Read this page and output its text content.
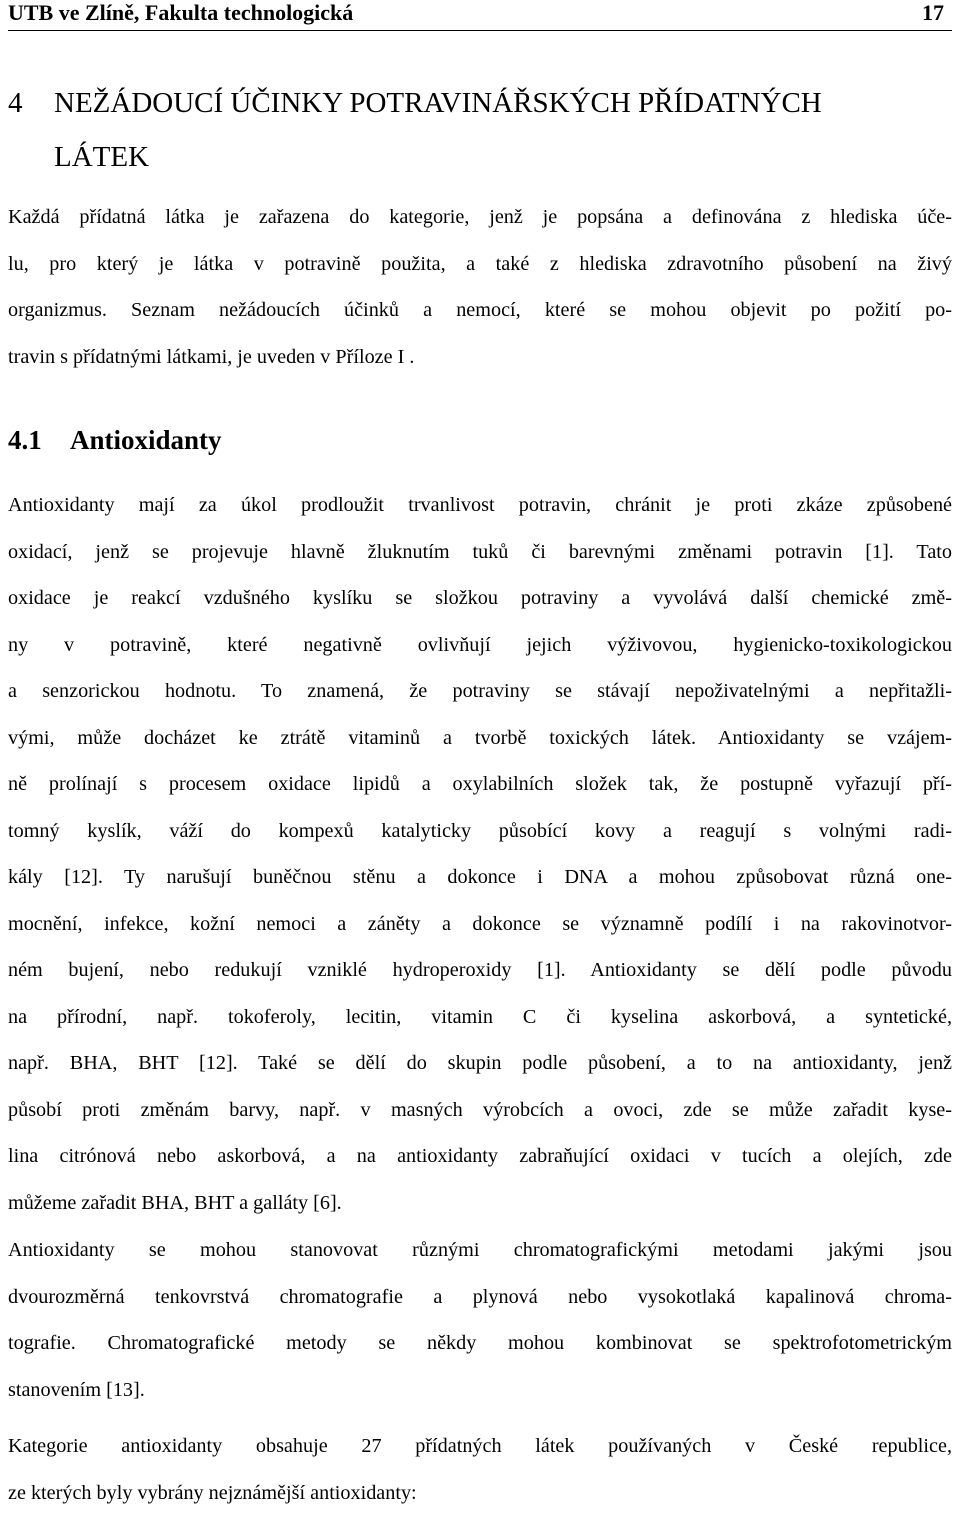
UTB ve Zlíně, Fakulta technologická	17
4 NEŽÁDOUCÍ ÚČINKY POTRAVINÁŘSKÝCH PŘÍDATNÝCH
LÁTEK
Každá přídatná látka je zařazena do kategorie, jenž je popsána a definována z hlediska úče-
lu, pro který je látka v potravině použita, a také z hlediska zdravotního působení na živý
organizmus. Seznam nežádoucích účinků a nemocí, které se mohou objevit po požití po-
travin s přídatnými látkami, je uveden v Příloze I .
4.1 Antioxidanty
Antioxidanty mají za úkol prodloužit trvanlivost potravin, chránit je proti zkáze způsobené
oxidací, jenž se projevuje hlavně žluknutím tuků či barevnými změnami potravin [1]. Tato
oxidace je reakcí vzdušného kyslíku se složkou potraviny a vyvolává další chemické změ-
ny v potravině, které negativně ovlivňují jejich výživovou, hygienicko-toxikologickou
a senzorickou hodnotu. To znamená, že potraviny se stávají nepoživatelnými a nepřitažli-
vými, může docházet ke ztrátě vitaminů a tvorbě toxických látek. Antioxidanty se vzájem-
ně prolínají s procesem oxidace lipidů a oxylabilních složek tak, že postupně vyřazují pří-
tomný kyslík, váží do kompexů katalyticky působící kovy a reagují s volnými radi-
kály [12]. Ty narušují buněčnou stěnu a dokonce i DNA a mohou způsobovat různá one-
mocnění, infekce, kožní nemoci a záněty a dokonce se významně podílí i na rakovinotvor-
ném bujení, nebo redukují vzniklé hydroperoxidy [1]. Antioxidanty se dělí podle původu
na přírodní, např. tokoferoly, lecitin, vitamin C či kyselina askorbová, a syntetické,
např. BHA, BHT [12]. Také se dělí do skupin podle působení, a to na antioxidanty, jenž
působí proti změnám barvy, např. v masných výrobcích a ovoci, zde se může zařadit kyse-
lina citrónová nebo askorbová, a na antioxidanty zabraňující oxidaci v tucích a olejích, zde
můžeme zařadit BHA, BHT a galláty [6].
Antioxidanty se mohou stanovovat různými chromatografickými metodami jakými jsou
dvourozměrná tenkovrstvá chromatografie a plynová nebo vysokotlaká kapalinová chroma-
tografie. Chromatografické metody se někdy mohou kombinovat se spektrofotometrickým
stanovením [13].
Kategorie antioxidanty obsahuje 27 přídatných látek používaných v České republice,
ze kterých byly vybrány nejznámější antioxidanty:
